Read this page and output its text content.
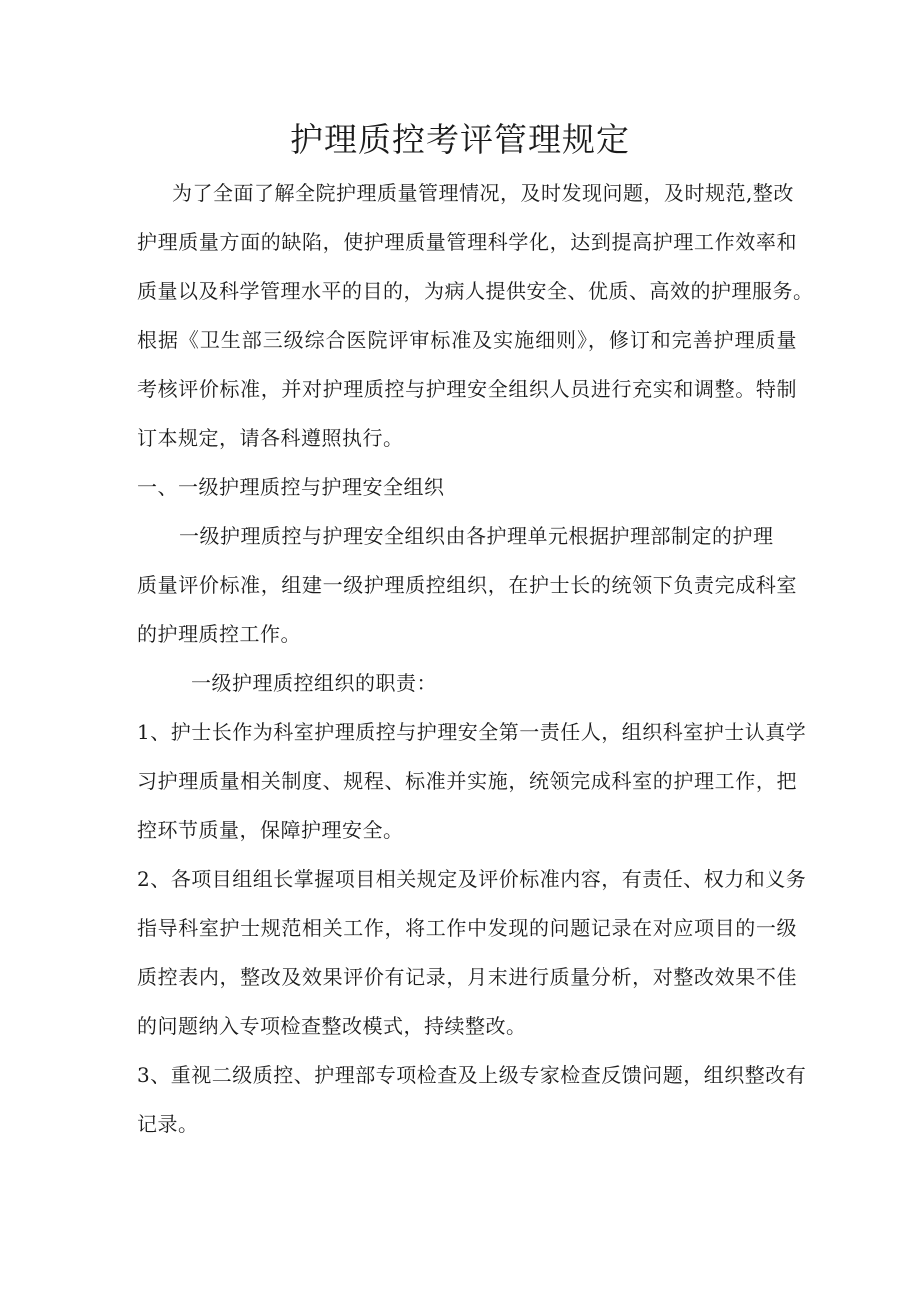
护理质控考评管理规定

为了全面了解全院护理质量管理情况，及时发现问题，及时规范,整改

护理质量方面的缺陷，使护理质量管理科学化，达到提高护理工作效率和

质量以及科学管理水平的目的，为病人提供安全、优质、高效的护理服务。

根据《卫生部三级综合医院评审标准及实施细则》，修订和完善护理质量

考核评价标准，并对护理质控与护理安全组织人员进行充实和调整。特制

订本规定，请各科遵照执行。

一、一级护理质控与护理安全组织

一级护理质控与护理安全组织由各护理单元根据护理部制定的护理

质量评价标准，组建一级护理质控组织，在护士长的统领下负责完成科室

的护理质控工作。

一级护理质控组织的职责：

1、护士长作为科室护理质控与护理安全第一责任人，组织科室护士认真学

习护理质量相关制度、规程、标准并实施，统领完成科室的护理工作，把

控环节质量，保障护理安全。

2、各项目组组长掌握项目相关规定及评价标准内容，有责任、权力和义务

指导科室护士规范相关工作，将工作中发现的问题记录在对应项目的一级

质控表内，整改及效果评价有记录，月末进行质量分析，对整改效果不佳

的问题纳入专项检查整改模式，持续整改。

3、重视二级质控、护理部专项检查及上级专家检查反馈问题，组织整改有

记录。
